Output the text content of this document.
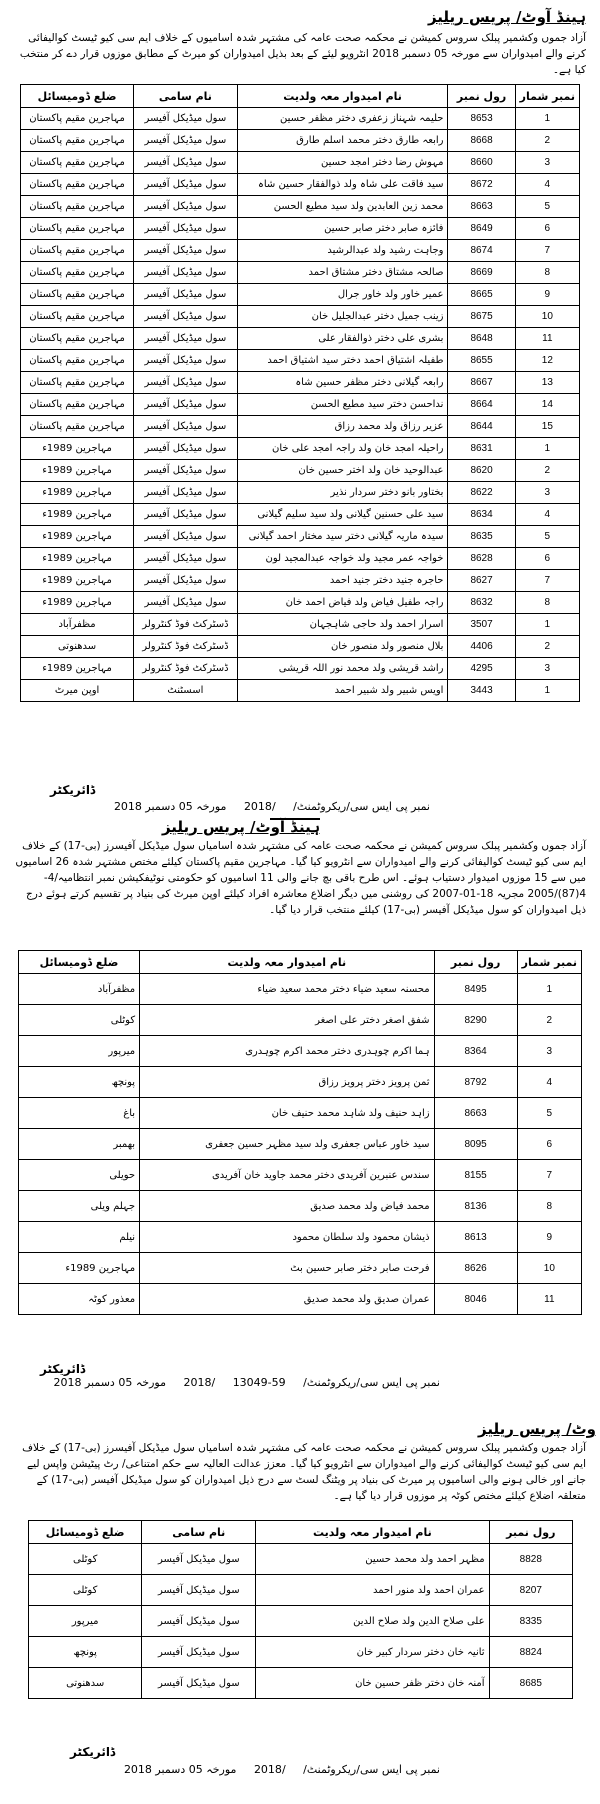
ہینڈ آوٹ/ پریس ریلیز
آزاد جموں وکشمیر پبلک سروس کمیشن نے محکمہ صحت عامہ کی مشتہر شدہ اسامیوں کے خلاف ایم سی کیو ٹیسٹ کوالیفائی کرنے والے امیدواران سے مورخہ 05 دسمبر 2018 انٹرویو لیئے کے بعد بذیل امیدواران کو میرٹ کے مطابق موزوں قرار دے کر منتخب کیا ہے۔
نمبر شمار	رول نمبر	نام امیدوار معہ ولدیت	نام سامی	ضلع ڈومیسائل
1	8653	حلیمہ شہناز زعفری دختر مظفر حسین	سول میڈیکل آفیسر	مہاجرین مقیم پاکستان
2	8668	رابعہ طارق دختر محمد اسلم طارق	سول میڈیکل آفیسر	مہاجرین مقیم پاکستان
3	8660	مہوش رضا دختر امجد حسین	سول میڈیکل آفیسر	مہاجرین مقیم پاکستان
4	8672	سید فاقت علی شاہ ولد ذوالفقار حسین شاہ	سول میڈیکل آفیسر	مہاجرین مقیم پاکستان
5	8663	محمد زین العابدین ولد سید مطیع الحسن	سول میڈیکل آفیسر	مہاجرین مقیم پاکستان
6	8649	فائزہ صابر دختر صابر حسین	سول میڈیکل آفیسر	مہاجرین مقیم پاکستان
7	8674	وجاہت رشید ولد عبدالرشید	سول میڈیکل آفیسر	مہاجرین مقیم پاکستان
8	8669	صالحہ مشتاق دختر مشتاق احمد	سول میڈیکل آفیسر	مہاجرین مقیم پاکستان
9	8665	عمیر خاور ولد خاور جرال	سول میڈیکل آفیسر	مہاجرین مقیم پاکستان
10	8675	زینب جمیل دختر عبدالجلیل خان	سول میڈیکل آفیسر	مہاجرین مقیم پاکستان
11	8648	بشری علی دختر ذوالفقار علی	سول میڈیکل آفیسر	مہاجرین مقیم پاکستان
12	8655	طفیلہ اشتیاق احمد دختر سید اشتیاق احمد	سول میڈیکل آفیسر	مہاجرین مقیم پاکستان
13	8667	رابعہ گیلانی دختر مظفر حسین شاہ	سول میڈیکل آفیسر	مہاجرین مقیم پاکستان
14	8664	نداحسن دختر سید مطیع الحسن	سول میڈیکل آفیسر	مہاجرین مقیم پاکستان
15	8644	عزیر رزاق ولد محمد رزاق	سول میڈیکل آفیسر	مہاجرین مقیم پاکستان
1	8631	راحیلہ امجد خان ولد راجہ امجد علی خان	سول میڈیکل آفیسر	مہاجرین 1989ء
2	8620	عبدالوحید خان ولد اختر حسین خان	سول میڈیکل آفیسر	مہاجرین 1989ء
3	8622	بختاور بانو دختر سردار نذیر	سول میڈیکل آفیسر	مہاجرین 1989ء
4	8634	سید علی حسنین گیلانی ولد سید سلیم گیلانی	سول میڈیکل آفیسر	مہاجرین 1989ء
5	8635	سیدہ ماریہ گیلانی دختر سید مختار احمد گیلانی	سول میڈیکل آفیسر	مہاجرین 1989ء
6	8628	خواجہ عمر مجید ولد خواجہ عبدالمجید لون	سول میڈیکل آفیسر	مہاجرین 1989ء
7	8627	حاجرہ جنید دختر جنید احمد	سول میڈیکل آفیسر	مہاجرین 1989ء
8	8632	راجہ طفیل فیاض ولد فیاض احمد خان	سول میڈیکل آفیسر	مہاجرین 1989ء
1	3507	اسرار احمد ولد حاجی شاہجہان	ڈسٹرکٹ فوڈ کنٹرولر	مظفرآباد
2	4406	بلال منصور ولد منصور خان	ڈسٹرکٹ فوڈ کنٹرولر	سدھنوتی
3	4295	راشد قریشی ولد محمد نور اللہ قریشی	ڈسٹرکٹ فوڈ کنٹرولر	مہاجرین 1989ء
1	3443	اویس شبیر ولد شبیر احمد	اسسٹنٹ	اوپن میرٹ
ڈائریکٹر
نمبر پی ایس سی/ریکروٹمنٹ/ /2018 مورخہ 05 دسمبر 2018
ہینڈ آوٹ/ پریس ریلیز
آزاد جموں وکشمیر پبلک سروس کمیشن نے محکمہ صحت عامہ کی مشتہر شدہ اسامیاں سول میڈیکل آفیسرز (بی-17) کے خلاف ایم سی کیو ٹیسٹ کوالیفائی کرنے والے امیدواران سے انٹرویو کیا گیا۔ مہاجرین مقیم پاکستان کیلئے مختص مشتہر شدہ 26 اسامیوں میں سے 15 موزوں امیدوار دستیاب ہوئے۔ اس طرح باقی بچ جانے والی 11 اسامیوں کو حکومتی نوٹیفکیشن نمبر انتظامیہ/4-4(87)/2005 مجریہ 18-01-2007 کی روشنی میں دیگر اضلاع معاشرہ افراد کیلئے اوپن میرٹ کی بنیاد پر تقسیم کرتے ہوئے درج ذیل امیدواران کو سول میڈیکل آفیسر (بی-17) کیلئے منتخب قرار دیا گیا۔
نمبر شمار	رول نمبر	نام امیدوار معہ ولدیت	ضلع ڈومیسائل
1	8495	محسنہ سعید ضیاء دختر محمد سعید ضیاء	مظفرآباد
2	8290	شفق اصغر دختر علی اصغر	کوٹلی
3	8364	ہما اکرم چوہدری دختر محمد اکرم چوہدری	میرپور
4	8792	ثمن پرویز دختر پرویز رزاق	پونچھ
5	8663	زاہد حنیف ولد شاہد محمد حنیف خان	باغ
6	8095	سید خاور عباس جعفری ولد سید مظہر حسین جعفری	بھمبر
7	8155	سندس عنبرین آفریدی دختر محمد جاوید خان آفریدی	حویلی
8	8136	محمد فیاض ولد محمد صدیق	جہلم ویلی
9	8613	ذیشان محمود ولد سلطان محمود	نیلم
10	8626	فرحت صابر دختر صابر حسین بٹ	مہاجرین 1989ء
11	8046	عمران صدیق ولد محمد صدیق	معذور کوٹہ
ڈائریکٹر
نمبر پی ایس سی/ریکروٹمنٹ/ 13049-59 /2018 مورخہ 05 دسمبر 2018
وٹ/ پریس ریلیز
آزاد جموں وکشمیر پبلک سروس کمیشن نے محکمہ صحت عامہ کی مشتہر شدہ اسامیاں سول میڈیکل آفیسرز (بی-17) کے خلاف ایم سی کیو ٹیسٹ کوالیفائی کرنے والے امیدواران سے انٹرویو کیا گیا۔ معزز عدالت العالیہ سے حکم امتناعی/ رٹ پیٹیشن واپس لیے جانے اور خالی ہونے والی اسامیوں پر میرٹ کی بنیاد پر ویٹنگ لسٹ سے درج ذیل امیدواران کو سول میڈیکل آفیسر (بی-17) کے متعلقہ اضلاع کیلئے مختص کوٹہ پر موزوں قرار دیا گیا ہے۔
رول نمبر	نام امیدوار معہ ولدیت	نام سامی	ضلع ڈومیسائل
8828	مظہر احمد ولد محمد حسین	سول میڈیکل آفیسر	کوٹلی
8207	عمران احمد ولد منور احمد	سول میڈیکل آفیسر	کوٹلی
8335	علی صلاح الدین ولد صلاح الدین	سول میڈیکل آفیسر	میرپور
8824	ثانیہ خان دختر سردار کبیر خان	سول میڈیکل آفیسر	پونچھ
8685	آمنہ خان دختر ظفر حسین خان	سول میڈیکل آفیسر	سدھنوتی
ڈائریکٹر
نمبر پی ایس سی/ریکروٹمنٹ/ /2018 مورخہ 05 دسمبر 2018
